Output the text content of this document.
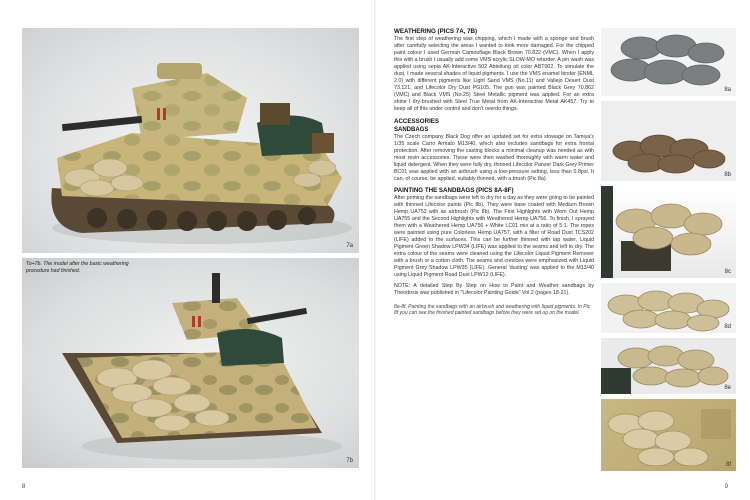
7a
To+7b. The model after the basic weathering procedure had finished.
7b
8
WEATHERING (PICS 7A, 7B)

The first step of weathering was chipping, which I made with a sponge and brush after carefully selecting the areas I wanted to look more damaged. For the chipped paint colour I used German Camouflage Black Brown 70.822 (VMC). When I apply this with a brush I usually add some VMS acrylic SLOW-MO retarder. A pin wash was applied using sepia AK-Interactive 502 Abteilung oil color ABT002. To simulate the dust, I made several shades of liquid pigments. I use the VMS enamel binder (ENML 2.0) with different pigments like Light Sand VMS (No.11) and Vallejo Desert Dust 73.121, and Lifecolor Dry Dust PG105. The gun was painted Black Grey 70.862 (VMC) and Black VMS (No.25) Steel Metallic pigment was applied. For an extra shine I dry-brushed with Steel True Metal from AK-Interactive Metal AK457. Try to keep all of this under control and don't overdo things.

ACCESSORIES
SANDBAGS

The Czech company Black Dog offer an updated set for extra stowage on Tamiya's 1/35 scale Carro Armato M13/40, which also includes sandbags for extra frontal protection. After removing the casting blocks a minimal cleanup was needed as with most resin accessories. These were then washed thoroughly with warm water and liquid detergent. When they were fully dry, thinned Lifecolor Panzer Dark Grey Primer BC01 was applied with an airbrush using a low-pressure setting, less than 0.8psi. It can, of course, be applied, suitably thinned, with a brush (Pic 8a).

PAINTING THE SANDBAGS (PICS 8A-8F)

After priming the sandbags were left to dry for a day as they were going to be painted with thinned Lifecolor paints (Pic 8b). They were base coated with Medium Brown Hemp UA753 with an airbrush (Pic 8b). The First Highlights with Worn Out Hemp UA755 and the Second Highlights with Weathered Hemp UA756. To finish, I sprayed them with a Weathered Hemp UA756 + White LC01 mix at a ratio of 5:1. The ropes were painted using pure Colorless Hemp UA757, with a filter of Road Dust TCS202 (LIFE) added to the surfaces. This can be further thinned with tap water. Liquid Pigment Green Shadow LPW34 (LIFE) was applied to the seams and left to dry. The extra colour of the seams were cleaned using the Lifecolor Liquid Pigment Remover with a brush or a cotton cloth. The seams and crevices were emphasized with Liquid Pigment Grey Shadow LPW35 (LIFE). General 'dusting' was applied to the M13/40 using Liquid Pigment Road Dust LPW12 (LIFE).

NOTE: A detailed Step By Step on How to Paint and Weather sandbags by Theodosis was published in "Lifecolor Painting Guide" Vol.2 (pages 18-21).

8a-8f. Painting the sandbags with an airbrush and weathering with liquid pigments. In Pic 8f you can see the finished painted sandbags before they were set up on the model.
8a
8b
8c
8d
8e
8f
9
